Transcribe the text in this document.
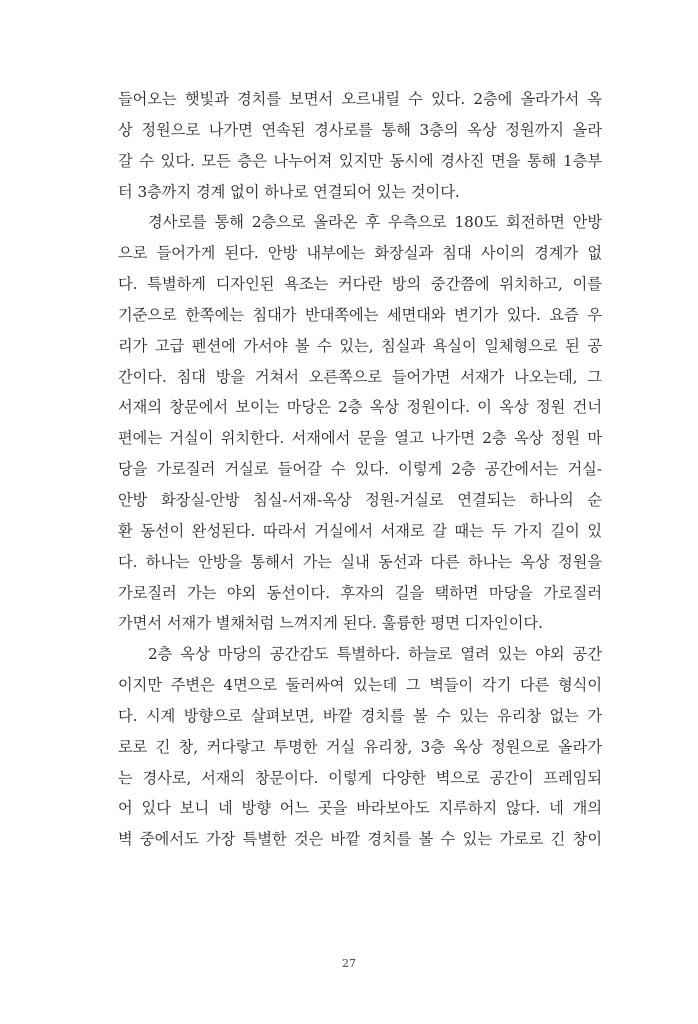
들어오는 햇빛과 경치를 보면서 오르내릴 수 있다. 2층에 올라가서 옥
상 정원으로 나가면 연속된 경사로를 통해 3층의 옥상 정원까지 올라
갈 수 있다. 모든 층은 나누어져 있지만 동시에 경사진 면을 통해 1층부
터 3층까지 경계 없이 하나로 연결되어 있는 것이다.
경사로를 통해 2층으로 올라온 후 우측으로 180도 회전하면 안방
으로 들어가게 된다. 안방 내부에는 화장실과 침대 사이의 경계가 없
다. 특별하게 디자인된 욕조는 커다란 방의 중간쯤에 위치하고, 이를
기준으로 한쪽에는 침대가 반대쪽에는 세면대와 변기가 있다. 요즘 우
리가 고급 펜션에 가서야 볼 수 있는, 침실과 욕실이 일체형으로 된 공
간이다. 침대 방을 거쳐서 오른쪽으로 들어가면 서재가 나오는데, 그
서재의 창문에서 보이는 마당은 2층 옥상 정원이다. 이 옥상 정원 건너
편에는 거실이 위치한다. 서재에서 문을 열고 나가면 2층 옥상 정원 마
당을 가로질러 거실로 들어갈 수 있다. 이렇게 2층 공간에서는 거실-
안방 화장실-안방 침실-서재-옥상 정원-거실로 연결되는 하나의 순
환 동선이 완성된다. 따라서 거실에서 서재로 갈 때는 두 가지 길이 있
다. 하나는 안방을 통해서 가는 실내 동선과 다른 하나는 옥상 정원을
가로질러 가는 야외 동선이다. 후자의 길을 택하면 마당을 가로질러
가면서 서재가 별채처럼 느껴지게 된다. 훌륭한 평면 디자인이다.
2층 옥상 마당의 공간감도 특별하다. 하늘로 열려 있는 야외 공간
이지만 주변은 4면으로 둘러싸여 있는데 그 벽들이 각기 다른 형식이
다. 시계 방향으로 살펴보면, 바깥 경치를 볼 수 있는 유리창 없는 가
로로 긴 창, 커다랗고 투명한 거실 유리창, 3층 옥상 정원으로 올라가
는 경사로, 서재의 창문이다. 이렇게 다양한 벽으로 공간이 프레임되
어 있다 보니 네 방향 어느 곳을 바라보아도 지루하지 않다. 네 개의
벽 중에서도 가장 특별한 것은 바깥 경치를 볼 수 있는 가로로 긴 창이
27
